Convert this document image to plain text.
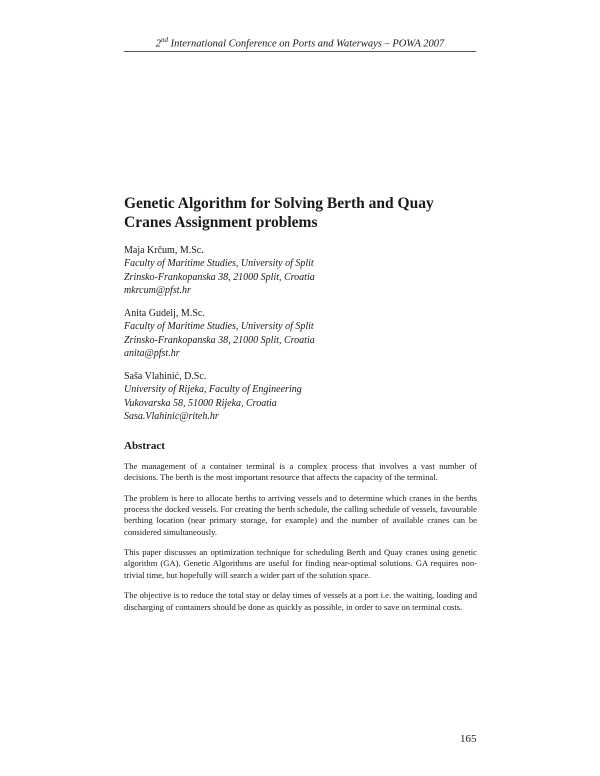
2nd International Conference on Ports and Waterways – POWA 2007
Genetic Algorithm for Solving Berth and Quay Cranes Assignment problems
Maja Krčum, M.Sc.
Faculty of Maritime Studies, University of Split
Zrinsko-Frankopanska 38, 21000 Split, Croatia
mkrcum@pfst.hr
Anita Gudelj, M.Sc.
Faculty of Maritime Studies, University of Split
Zrinsko-Frankopanska 38, 21000 Split, Croatia
anita@pfst.hr
Saša Vlahinić, D.Sc.
University of Rijeka, Faculty of Engineering
Vukovarska 58, 51000 Rijeka, Croatia
Sasa.Vlahinic@riteh.hr
Abstract

The management of a container terminal is a complex process that involves a vast number of decisions. The berth is the most important resource that affects the capacity of the terminal.

The problem is here to allocate berths to arriving vessels and to determine which cranes in the berths process the docked vessels. For creating the berth schedule, the calling schedule of vessels, favourable berthing location (near primary storage, for example) and the number of available cranes can be considered simultaneously.

This paper discusses an optimization technique for scheduling Berth and Quay cranes using genetic algorithm (GA). Genetic Algorithms are useful for finding near-optimal solutions. GA requires non-trivial time, but hopefully will search a wider part of the solution space.

The objective is to reduce the total stay or delay times of vessels at a port i.e. the waiting, loading and discharging of containers should be done as quickly as possible, in order to save on terminal costs.

165
